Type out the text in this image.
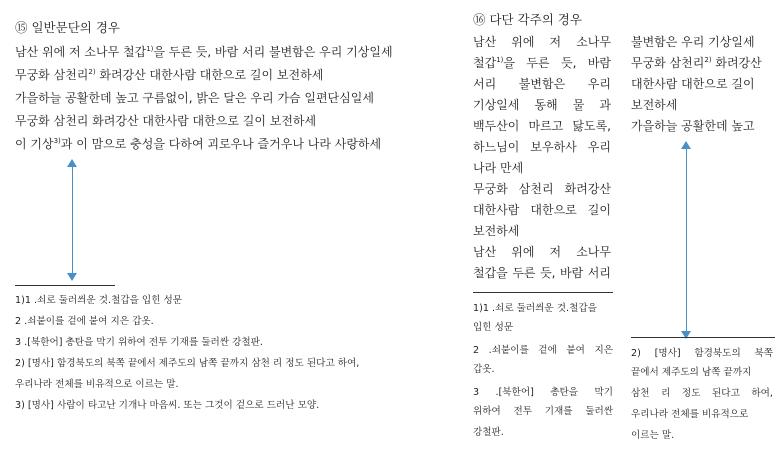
⑮ 일반문단의 경우
남산 위에 저 소나무 철갑$^{1)}$을 두른 듯, 바람 서리 불변함은 우리 기상일세
무궁화 삼천리$^{2)}$ 화려강산 대한사람 대한으로 길이 보전하세
가을하늘 공활한데 높고 구름없이, 밝은 달은 우리 가슴 일편단심일세
무궁화 삼천리 화려강산 대한사람 대한으로 길이 보전하세
이 기상$^{3)}$과 이 맘으로 충성을 다하여 괴로우나 즐거우나 나라 사랑하세
1)1 .쇠로 둘러씌운 것.철갑을 입힌 성문
2 .쇠붙이를 겉에 붙여 지은 갑옷.
3 .[북한어] 총탄을 막기 위하여 전투 기재를 둘러싼 강철판.
2) [명사] 함경북도의 북쪽 끝에서 제주도의 남쪽 끝까지 삼천 리 정도 된다고 하여,
우리나라 전체를 비유적으로 이르는 말.
3) [명사] 사람이 타고난 기개나 마음씨. 또는 그것이 겉으로 드러난 모양.
⑯ 다단 각주의 경우
남산 위에 저 소나무
철갑$^{1)}$을 두른 듯, 바람
서리 불변함은 우리
기상일세 동해 물 과
백두산이 마르고 닳도록,
하느님이 보우하사 우리
나라 만세
무궁화 삼천리 화려강산
대한사람 대한으로 길이
보전하세
남산 위에 저 소나무
철갑을 두른 듯, 바람 서리
1)1 .쇠로 둘러씌운 것.철갑을
입힌 성문
2 .쇠붙이를 겉에 붙여 지은
갑옷.
3 .[북한어] 총탄을 막기
위하여 전투 기재를 둘러싼
강철판.
불변함은 우리 기상일세
무궁화 삼천리$^{2)}$ 화려강산
대한사람 대한으로 길이
보전하세
가을하늘 공활한데 높고
2) [명사] 함경북도의 북쪽
끝에서 제주도의 남쪽 끝까지
삼천 리 정도 된다고 하여,
우리나라 전체를 비유적으로
이르는 말.
